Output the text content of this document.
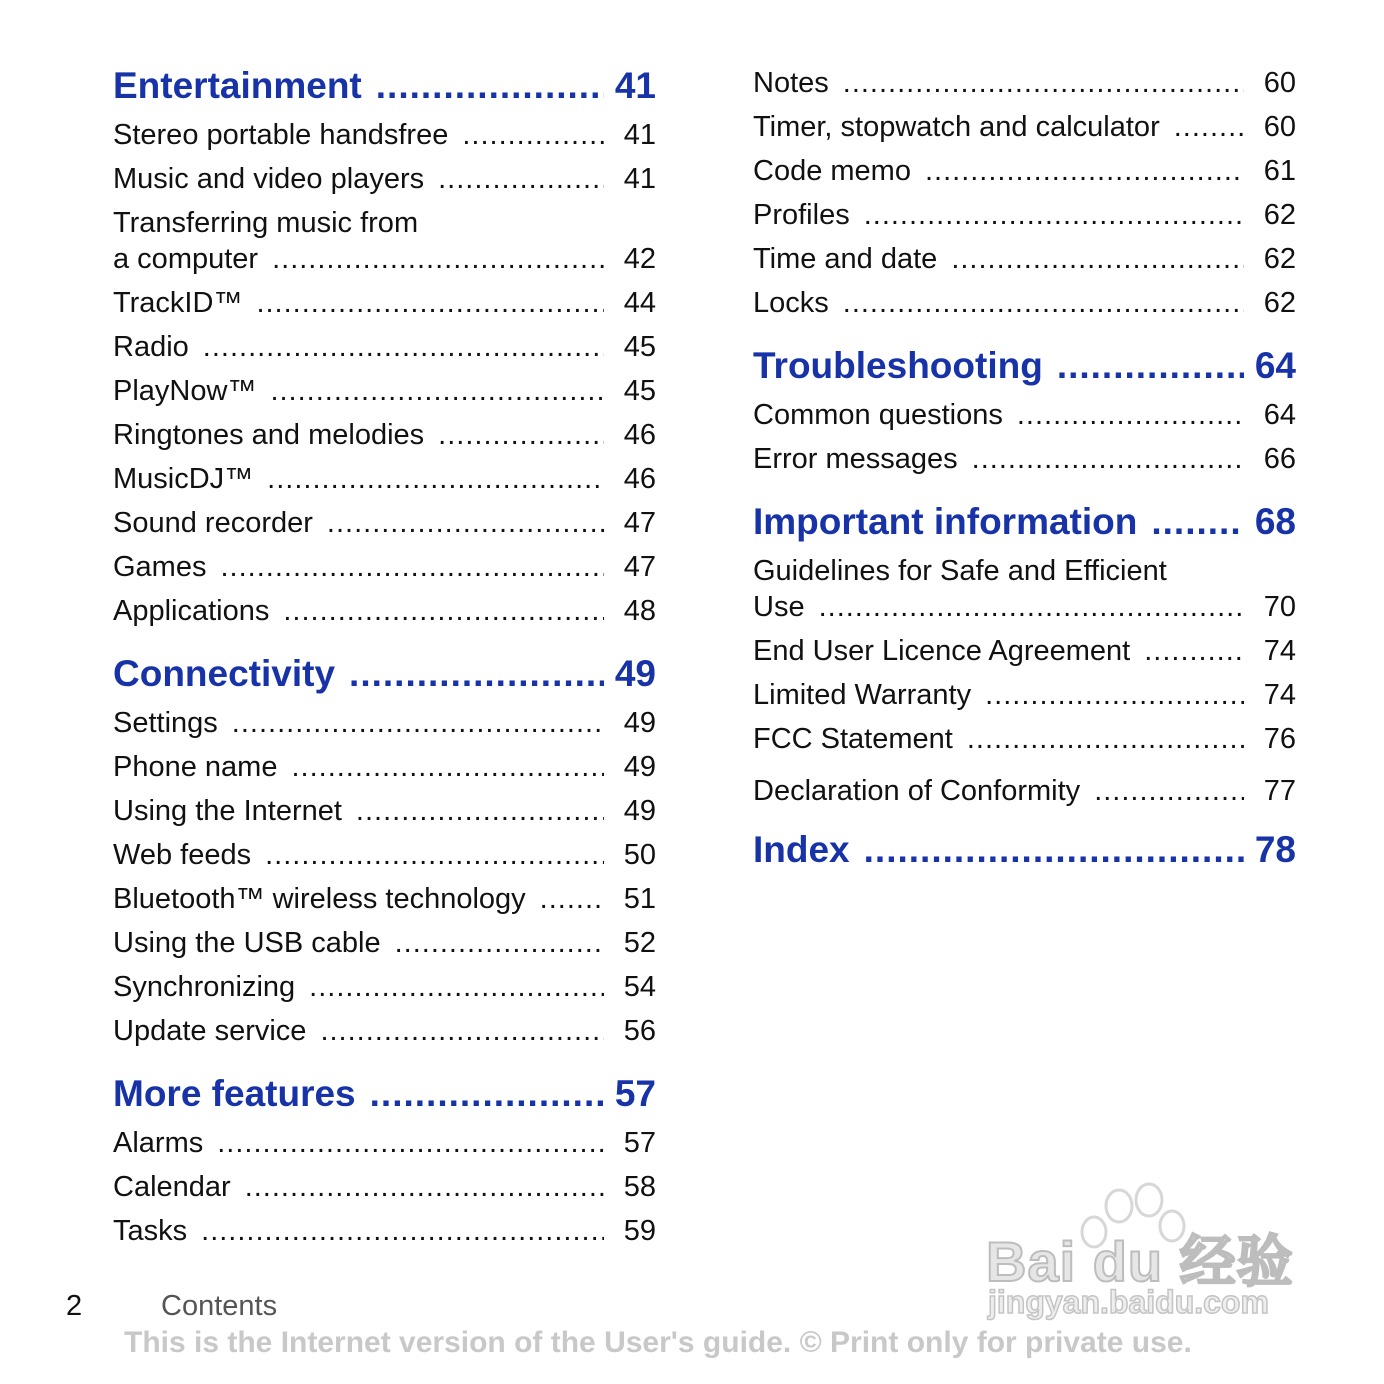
Entertainment .....	41
Stereo portable handsfree .....	41
Music and video players .....	41
Transferring music from
a computer .....	42
TrackID™ .....	44
Radio .....	45
PlayNow™ .....	45
Ringtones and melodies .....	46
MusicDJ™ .....	46
Sound recorder .....	47
Games .....	47
Applications .....	48
Connectivity .....	49
Settings .....	49
Phone name .....	49
Using the Internet .....	49
Web feeds .....	50
Bluetooth™ wireless technology .....	51
Using the USB cable .....	52
Synchronizing .....	54
Update service .....	56
More features .....	57
Alarms .....	57
Calendar .....	58
Tasks .....	59
Notes .....	60
Timer, stopwatch and calculator .....	60
Code memo .....	61
Profiles .....	62
Time and date .....	62
Locks .....	62
Troubleshooting .....	64
Common questions .....	64
Error messages .....	66
Important information .....	68
Guidelines for Safe and Efficient
Use .....	70
End User Licence Agreement .....	74
Limited Warranty .....	74
FCC Statement .....	76
Declaration of Conformity .....	77
Index .....	78
2	Contents
This is the Internet version of the User's guide. © Print only for private use.
Bai du 经验
jingyan.baidu.com
